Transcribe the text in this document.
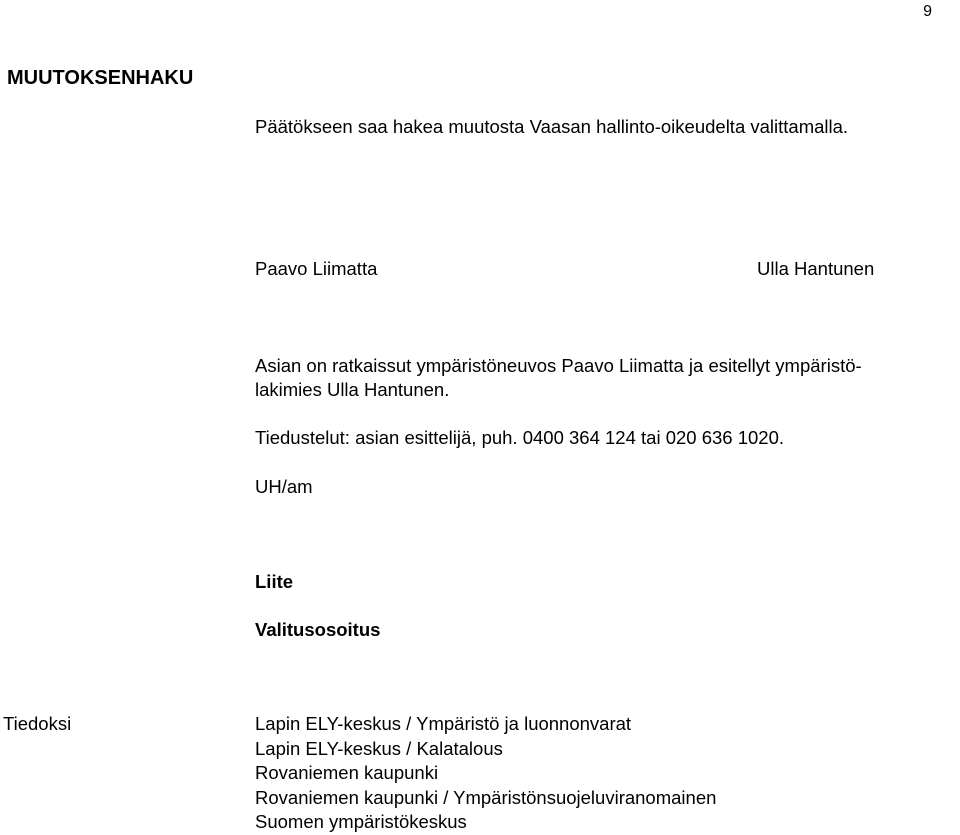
9
MUUTOKSENHAKU
Päätökseen saa hakea muutosta Vaasan hallinto-oikeudelta valittamalla.
Paavo Liimatta	Ulla Hantunen
Asian on ratkaissut ympäristöneuvos Paavo Liimatta ja esitellyt ympäristö-
lakimies Ulla Hantunen.
Tiedustelut: asian esittelijä, puh. 0400 364 124 tai 020 636 1020.
UH/am
Liite
Valitusosoitus
Tiedoksi	Lapin ELY-keskus / Ympäristö ja luonnonvarat
Lapin ELY-keskus / Kalatalous
Rovaniemen kaupunki
Rovaniemen kaupunki / Ympäristönsuojeluviranomainen
Suomen ympäristökeskus
